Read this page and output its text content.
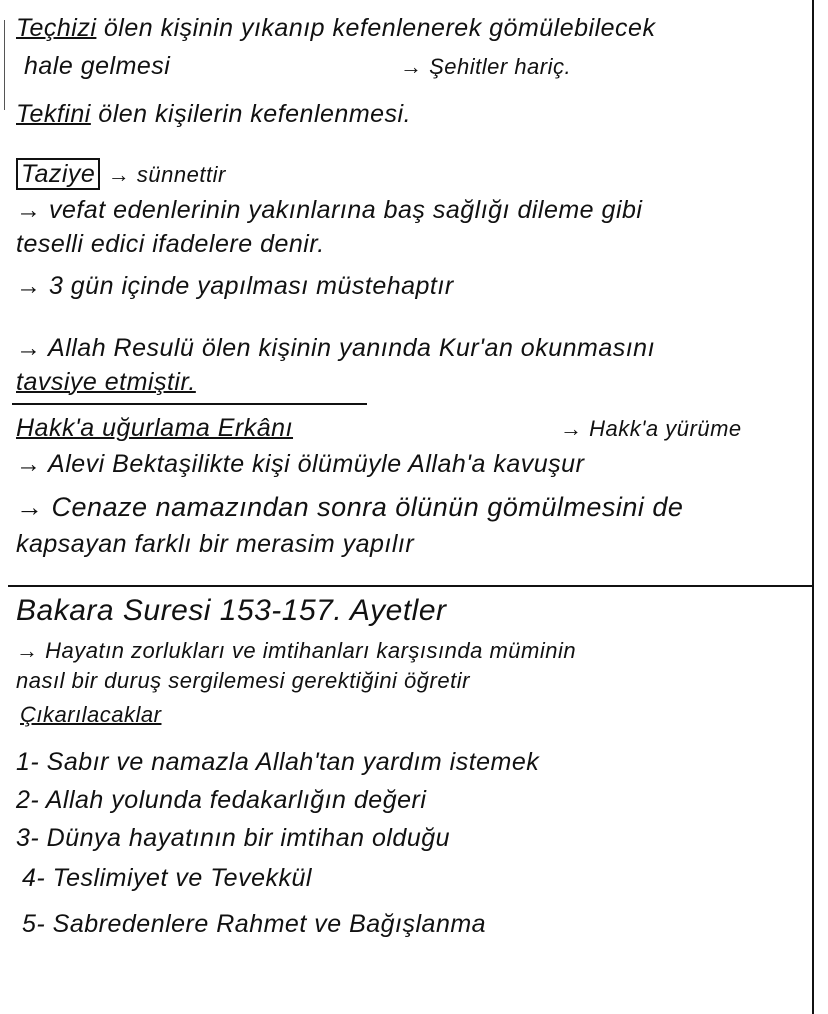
Teçhizi ölen kişinin yıkanıp kefenlenerek gömülebilecek
hale gelmesi	→ Şehitler hariç.
Tekfini ölen kişilerin kefenlenmesi.
Taziye → sünnettir
→ vefat edenlerinin yakınlarına baş sağlığı dileme gibi
teselli edici ifadelere denir.
→ 3 gün içinde yapılması müstehaptır
→ Allah Resulü ölen kişinin yanında Kur'an okunmasını
tavsiye etmiştir.
Hakk'a uğurlama Erkânı	→ Hakk'a yürüme
→ Alevi Bektaşilikte kişi ölümüyle Allah'a kavuşur
→ Cenaze namazından sonra ölünün gömülmesini de
kapsayan farklı bir merasim yapılır
Bakara Suresi 153-157. Ayetler
→ Hayatın zorlukları ve imtihanları karşısında müminin
nasıl bir duruş sergilemesi gerektiğini öğretir
Çıkarılacaklar
1- Sabır ve namazla Allah'tan yardım istemek
2- Allah yolunda fedakarlığın değeri
3- Dünya hayatının bir imtihan olduğu
4- Teslimiyet ve Tevekkül
5- Sabredenlere Rahmet ve Bağışlanma
